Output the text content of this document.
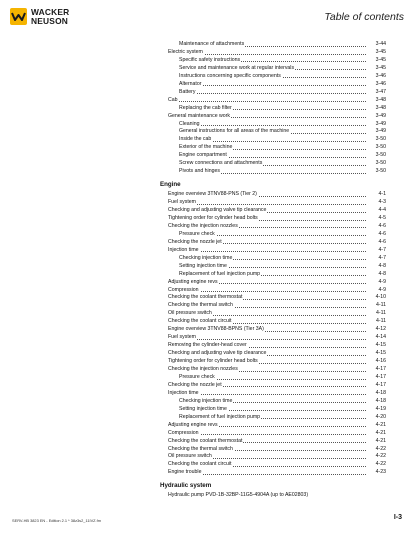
WACKER
NEUSON	Table of contents
Maintenance of attachments	3-44
Electric system	3-45
Specific safety instructions	3-45
Service and maintenance work at regular intervals	3-45
Instructions concerning specific components	3-46
Alternator	3-46
Battery	3-47
Cab	3-48
Replacing the cab filter	3-48
General maintenance work	3-49
Cleaning	3-49
General instructions for all areas of the machine	3-49
Inside the cab	3-50
Exterior of the machine	3-50
Engine compartment	3-50
Screw connections and attachments	3-50
Pivots and hinges	3-50
Engine
Engine overview 3TNV88-PNS (Tier 2)	4-1
Fuel system	4-3
Checking and adjusting valve tip clearance	4-4
Tightening order for cylinder head bolts	4-5
Checking the injection nozzles	4-6
Pressure check	4-6
Checking the nozzle jet	4-6
Injection time	4-7
Checking injection time	4-7
Setting injection time	4-8
Replacement of fuel injection pump	4-8
Adjusting engine revs	4-9
Compression	4-9
Checking the coolant thermostat	4-10
Checking the thermal switch	4-11
Oil pressure switch	4-11
Checking the coolant circuit	4-11
Engine overview 3TNV88-BPNS (Tier 3A)	4-12
Fuel system	4-14
Removing the cylinder-head cover	4-15
Checking and adjusting valve tip clearance	4-15
Tightening order for cylinder head bolts	4-16
Checking the injection nozzles	4-17
Pressure check	4-17
Checking the nozzle jet	4-17
Injection time	4-18
Checking injection time	4-18
Setting injection time	4-19
Replacement of fuel injection pump	4-20
Adjusting engine revs	4-21
Compression	4-21
Checking the coolant thermostat	4-21
Checking the thermal switch	4-22
Oil pressure switch	4-22
Checking the coolant circuit	4-22
Engine trouble	4-23
Hydraulic system
Hydraulic pump PVD-1B-32BP-11G5-4904A (up to AE02803)
SERV-HB 3823 EN - Edition 2.1 * 38z3s2_11IVZ.fm	I-3
